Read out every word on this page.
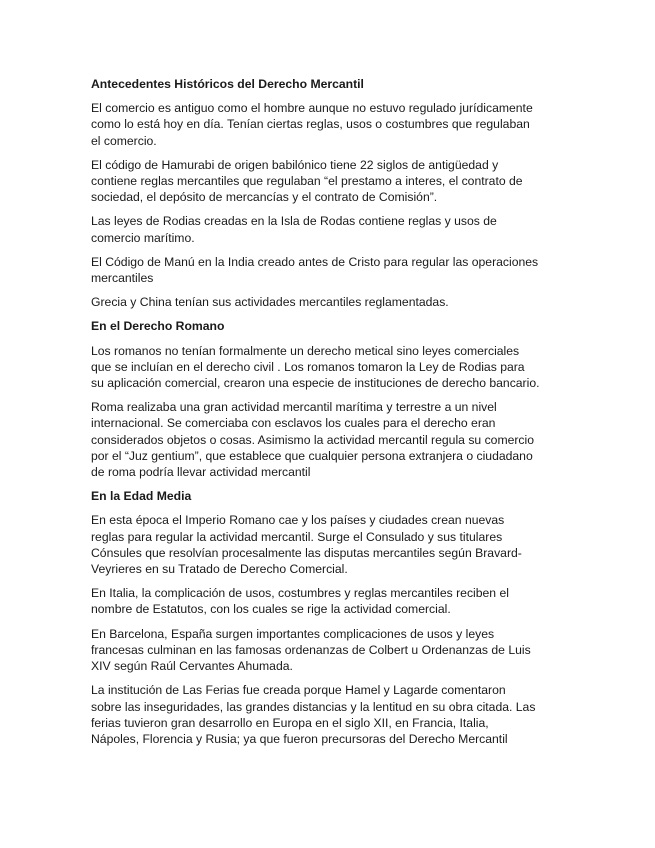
Antecedentes Históricos del Derecho Mercantil

El comercio es antiguo como el hombre aunque no estuvo regulado jurídicamente
como lo está hoy en día. Tenían ciertas reglas, usos o costumbres que regulaban
el comercio.

El código de Hamurabi de origen babilónico tiene 22 siglos de antigüedad y
contiene reglas mercantiles que regulaban “el prestamo a interes, el contrato de
sociedad, el depósito de mercancías y el contrato de Comisión”.

Las leyes de Rodias creadas en la Isla de Rodas contiene reglas y usos de
comercio marítimo.

El Código de Manú en la India creado antes de Cristo para regular las operaciones
mercantiles

Grecia y China tenían sus actividades mercantiles reglamentadas.

En el Derecho Romano

Los romanos no tenían formalmente un derecho metical sino leyes comerciales
que se incluían en el derecho civil . Los romanos tomaron la Ley de Rodias para
su aplicación comercial, crearon una especie de instituciones de derecho bancario.

Roma realizaba una gran actividad mercantil marítima y terrestre a un nivel
internacional. Se comerciaba con esclavos los cuales para el derecho eran
considerados objetos o cosas. Asimismo la actividad mercantil regula su comercio
por el “Juz gentium”, que establece que cualquier persona extranjera o ciudadano
de roma podría llevar actividad mercantil

En la Edad Media

En esta época el Imperio Romano cae y los países y ciudades crean nuevas
reglas para regular la actividad mercantil. Surge el Consulado y sus titulares
Cónsules que resolvían procesalmente las disputas mercantiles según Bravard-
Veyrieres en su Tratado de Derecho Comercial.

En Italia, la complicación de usos, costumbres y reglas mercantiles reciben el
nombre de Estatutos, con los cuales se rige la actividad comercial.

En Barcelona, España surgen importantes complicaciones de usos y leyes
francesas culminan en las famosas ordenanzas de Colbert u Ordenanzas de Luis
XIV según Raúl Cervantes Ahumada.

La institución de Las Ferias fue creada porque Hamel y Lagarde comentaron
sobre las inseguridades, las grandes distancias y la lentitud en su obra citada. Las
ferias tuvieron gran desarrollo en Europa en el siglo XII, en Francia, Italia,
Nápoles, Florencia y Rusia; ya que fueron precursoras del Derecho Mercantil
